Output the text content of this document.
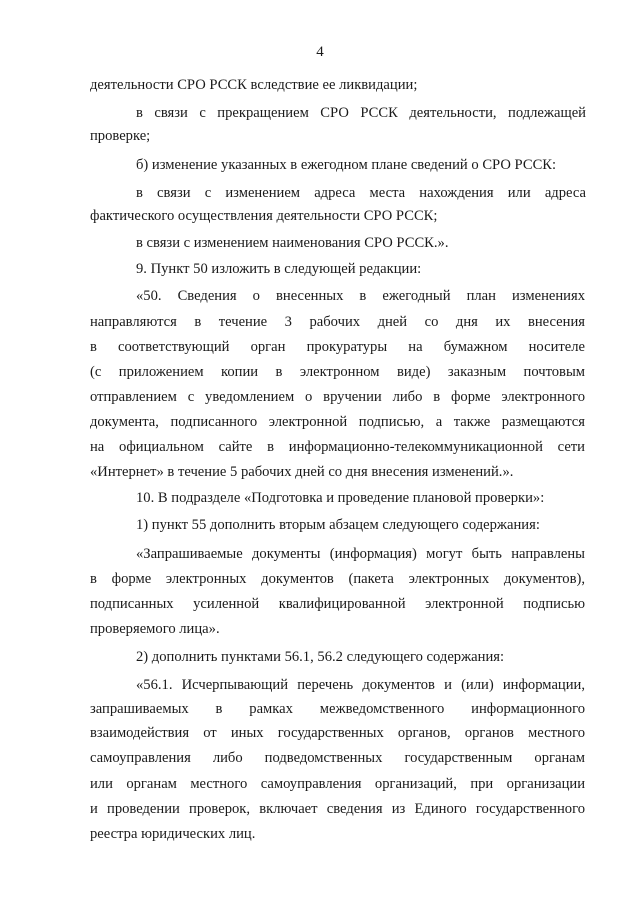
4
деятельности СРО РССК вследствие ее ликвидации;
в связи с прекращением СРО РССК деятельности, подлежащей
проверке;
б) изменение указанных в ежегодном плане сведений о СРО РССК:
в связи с изменением адреса места нахождения или адреса
фактического осуществления деятельности СРО РССК;
в связи с изменением наименования СРО РССК.».
9. Пункт 50 изложить в следующей редакции:
«50. Сведения о внесенных в ежегодный план изменениях
направляются в течение 3 рабочих дней со дня их внесения
в соответствующий орган прокуратуры на бумажном носителе
(с приложением копии в электронном виде) заказным почтовым
отправлением с уведомлением о вручении либо в форме электронного
документа, подписанного электронной подписью, а также размещаются
на официальном сайте в информационно-телекоммуникационной сети
«Интернет» в течение 5 рабочих дней со дня внесения изменений.».
10. В подразделе «Подготовка и проведение плановой проверки»:
1) пункт 55 дополнить вторым абзацем следующего содержания:
«Запрашиваемые документы (информация) могут быть направлены
в форме электронных документов (пакета электронных документов),
подписанных усиленной квалифицированной электронной подписью
проверяемого лица».
2) дополнить пунктами 56.1, 56.2 следующего содержания:
«56.1. Исчерпывающий перечень документов и (или) информации,
запрашиваемых в рамках межведомственного информационного
взаимодействия от иных государственных органов, органов местного
самоуправления либо подведомственных государственным органам
или органам местного самоуправления организаций, при организации
и проведении проверок, включает сведения из Единого государственного
реестра юридических лиц.
